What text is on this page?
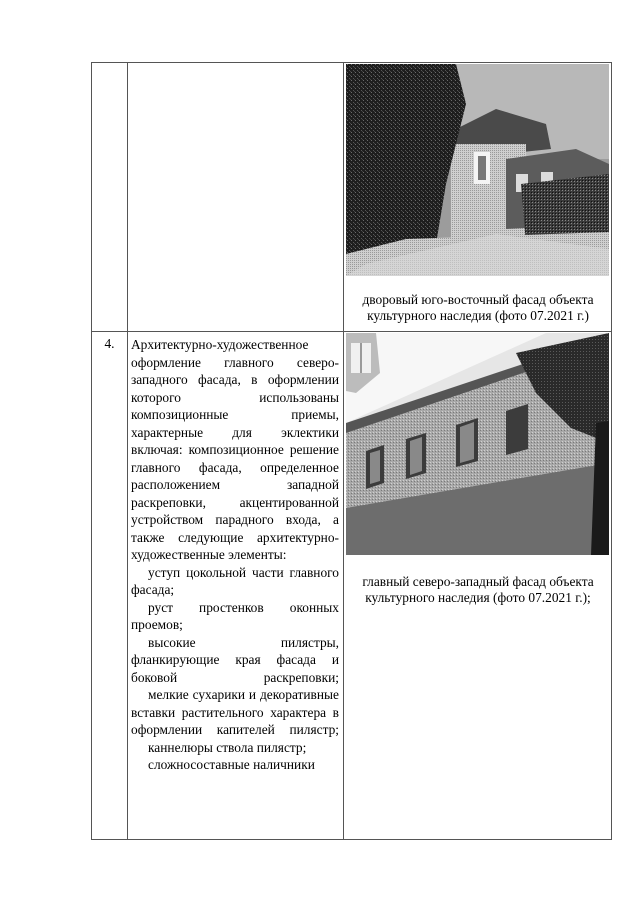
дворовый юго-восточный фасад объекта культурного наследия (фото 07.2021 г.)
4.	Архитектурно-художественное оформление главного северо-западного фасада, в оформлении которого использованы композиционные приемы, характерные для эклектики включая: композиционное решение главного фасада, определенное расположением западной раскреповки, акцентированной устройством парадного входа, а также следующие архитектурно-художественные элементы:

уступ цокольной части главного фасада;

руст простенков оконных проемов;

высокие пилястры, фланкирующие края фасада и боковой раскреповки;

мелкие сухарики и декоративные вставки растительного характера в оформлении капителей пилястр;

каннелюры ствола пилястр;

сложносоставные наличники

главный северо-западный фасад объекта культурного наследия (фото 07.2021 г.);
